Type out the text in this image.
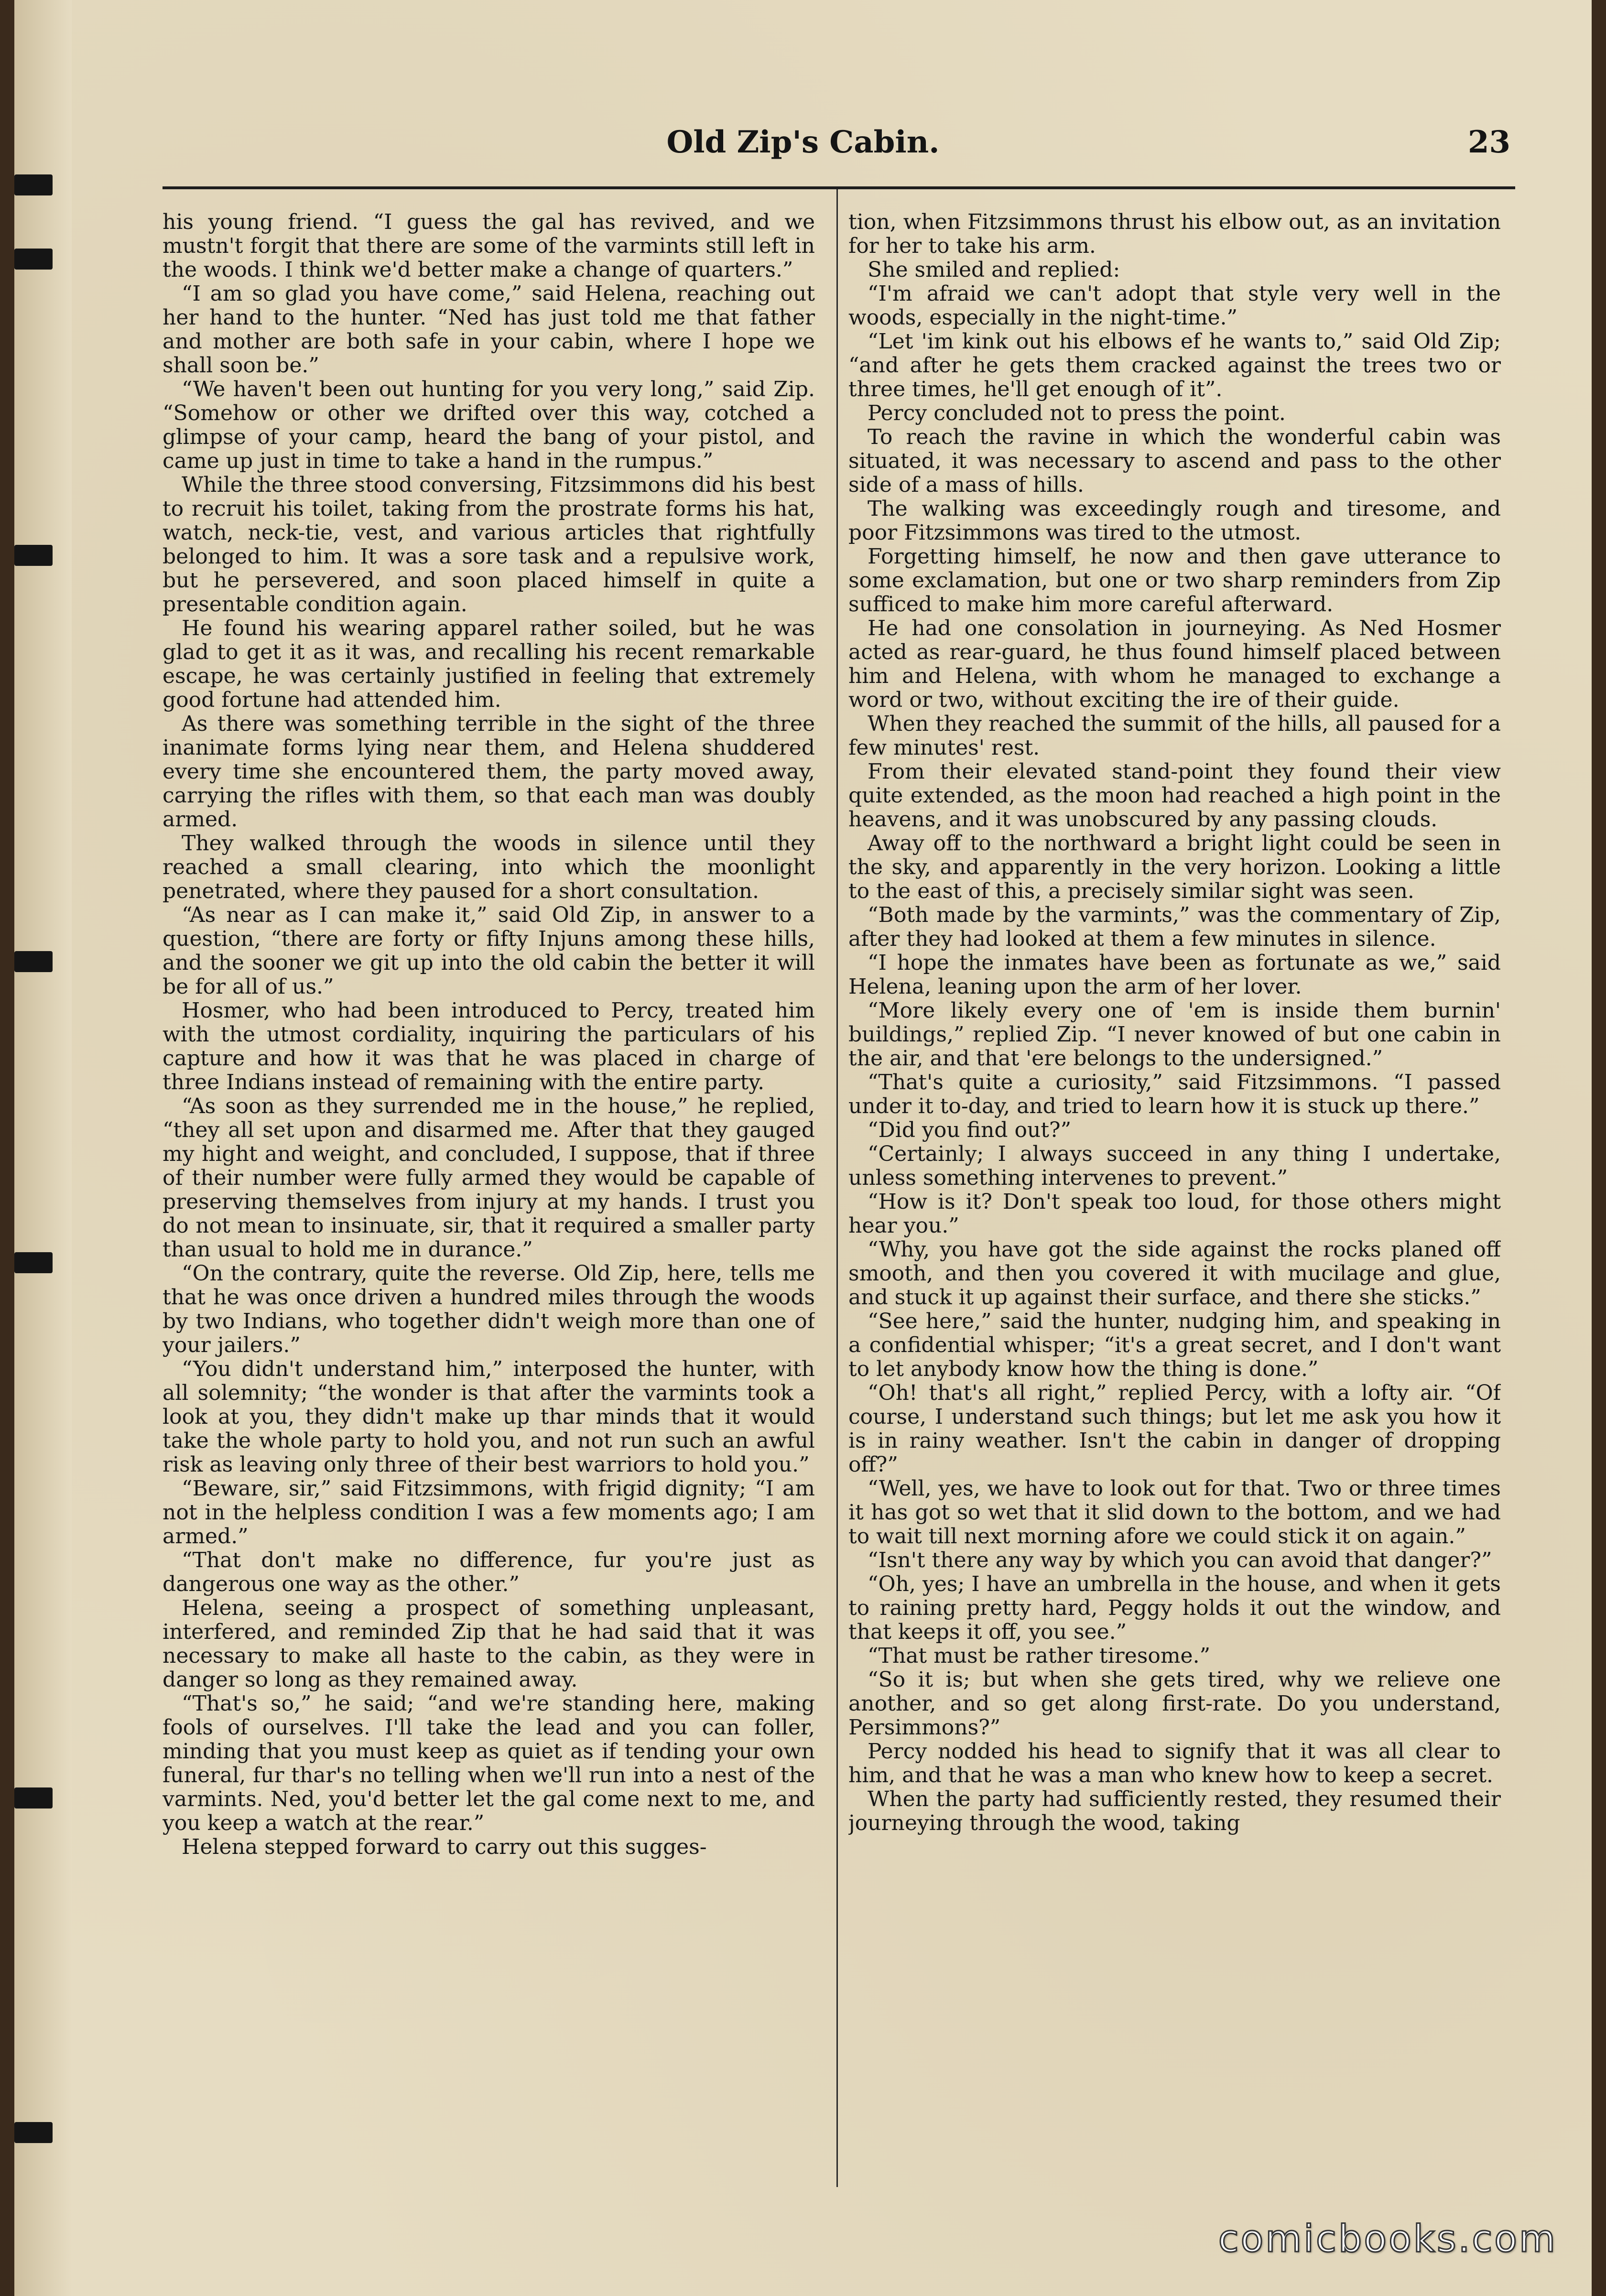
Old Zip's Cabin.	23

his young friend. “I guess the gal has revived, and we mustn't forgit that there are some of the varmints still left in the woods. I think we'd better make a change of quarters.”

“I am so glad you have come,” said Helena, reaching out her hand to the hunter. “Ned has just told me that father and mother are both safe in your cabin, where I hope we shall soon be.”

“We haven't been out hunting for you very long,” said Zip. “Somehow or other we drifted over this way, cotched a glimpse of your camp, heard the bang of your pistol, and came up just in time to take a hand in the rumpus.”

While the three stood conversing, Fitzsimmons did his best to recruit his toilet, taking from the prostrate forms his hat, watch, neck-tie, vest, and various articles that rightfully belonged to him. It was a sore task and a repulsive work, but he persevered, and soon placed himself in quite a presentable condition again.

He found his wearing apparel rather soiled, but he was glad to get it as it was, and recalling his recent remarkable escape, he was certainly justified in feeling that extremely good fortune had attended him.

As there was something terrible in the sight of the three inanimate forms lying near them, and Helena shuddered every time she encountered them, the party moved away, carrying the rifles with them, so that each man was doubly armed.

They walked through the woods in silence until they reached a small clearing, into which the moonlight penetrated, where they paused for a short consultation.

“As near as I can make it,” said Old Zip, in answer to a question, “there are forty or fifty Injuns among these hills, and the sooner we git up into the old cabin the better it will be for all of us.”

Hosmer, who had been introduced to Percy, treated him with the utmost cordiality, inquiring the particulars of his capture and how it was that he was placed in charge of three Indians instead of remaining with the entire party.

“As soon as they surrended me in the house,” he replied, “they all set upon and disarmed me. After that they gauged my hight and weight, and concluded, I suppose, that if three of their number were fully armed they would be capable of preserving themselves from injury at my hands. I trust you do not mean to insinuate, sir, that it required a smaller party than usual to hold me in durance.”

“On the contrary, quite the reverse. Old Zip, here, tells me that he was once driven a hundred miles through the woods by two Indians, who together didn't weigh more than one of your jailers.”

“You didn't understand him,” interposed the hunter, with all solemnity; “the wonder is that after the varmints took a look at you, they didn't make up thar minds that it would take the whole party to hold you, and not run such an awful risk as leaving only three of their best warriors to hold you.”

“Beware, sir,” said Fitzsimmons, with frigid dignity; “I am not in the helpless condition I was a few moments ago; I am armed.”

“That don't make no difference, fur you're just as dangerous one way as the other.”

Helena, seeing a prospect of something unpleasant, interfered, and reminded Zip that he had said that it was necessary to make all haste to the cabin, as they were in danger so long as they remained away.

“That's so,” he said; “and we're standing here, making fools of ourselves. I'll take the lead and you can foller, minding that you must keep as quiet as if tending your own funeral, fur thar's no telling when we'll run into a nest of the varmints. Ned, you'd better let the gal come next to me, and you keep a watch at the rear.”

Helena stepped forward to carry out this sugges-

tion, when Fitzsimmons thrust his elbow out, as an invitation for her to take his arm.

She smiled and replied:

“I'm afraid we can't adopt that style very well in the woods, especially in the night-time.”

“Let 'im kink out his elbows ef he wants to,” said Old Zip; “and after he gets them cracked against the trees two or three times, he'll get enough of it”.

Percy concluded not to press the point.

To reach the ravine in which the wonderful cabin was situated, it was necessary to ascend and pass to the other side of a mass of hills.

The walking was exceedingly rough and tiresome, and poor Fitzsimmons was tired to the utmost.

Forgetting himself, he now and then gave utterance to some exclamation, but one or two sharp reminders from Zip sufficed to make him more careful afterward.

He had one consolation in journeying. As Ned Hosmer acted as rear-guard, he thus found himself placed between him and Helena, with whom he managed to exchange a word or two, without exciting the ire of their guide.

When they reached the summit of the hills, all paused for a few minutes' rest.

From their elevated stand-point they found their view quite extended, as the moon had reached a high point in the heavens, and it was unobscured by any passing clouds.

Away off to the northward a bright light could be seen in the sky, and apparently in the very horizon. Looking a little to the east of this, a precisely similar sight was seen.

“Both made by the varmints,” was the commentary of Zip, after they had looked at them a few minutes in silence.

“I hope the inmates have been as fortunate as we,” said Helena, leaning upon the arm of her lover.

“More likely every one of 'em is inside them burnin' buildings,” replied Zip. “I never knowed of but one cabin in the air, and that 'ere belongs to the undersigned.”

“That's quite a curiosity,” said Fitzsimmons. “I passed under it to-day, and tried to learn how it is stuck up there.”

“Did you find out?”

“Certainly; I always succeed in any thing I undertake, unless something intervenes to prevent.”

“How is it? Don't speak too loud, for those others might hear you.”

“Why, you have got the side against the rocks planed off smooth, and then you covered it with mucilage and glue, and stuck it up against their surface, and there she sticks.”

“See here,” said the hunter, nudging him, and speaking in a confidential whisper; “it's a great secret, and I don't want to let anybody know how the thing is done.”

“Oh! that's all right,” replied Percy, with a lofty air. “Of course, I understand such things; but let me ask you how it is in rainy weather. Isn't the cabin in danger of dropping off?”

“Well, yes, we have to look out for that. Two or three times it has got so wet that it slid down to the bottom, and we had to wait till next morning afore we could stick it on again.”

“Isn't there any way by which you can avoid that danger?”

“Oh, yes; I have an umbrella in the house, and when it gets to raining pretty hard, Peggy holds it out the window, and that keeps it off, you see.”

“That must be rather tiresome.”

“So it is; but when she gets tired, why we relieve one another, and so get along first-rate. Do you understand, Persimmons?”

Percy nodded his head to signify that it was all clear to him, and that he was a man who knew how to keep a secret.

When the party had sufficiently rested, they resumed their journeying through the wood, taking

comicbooks.com
